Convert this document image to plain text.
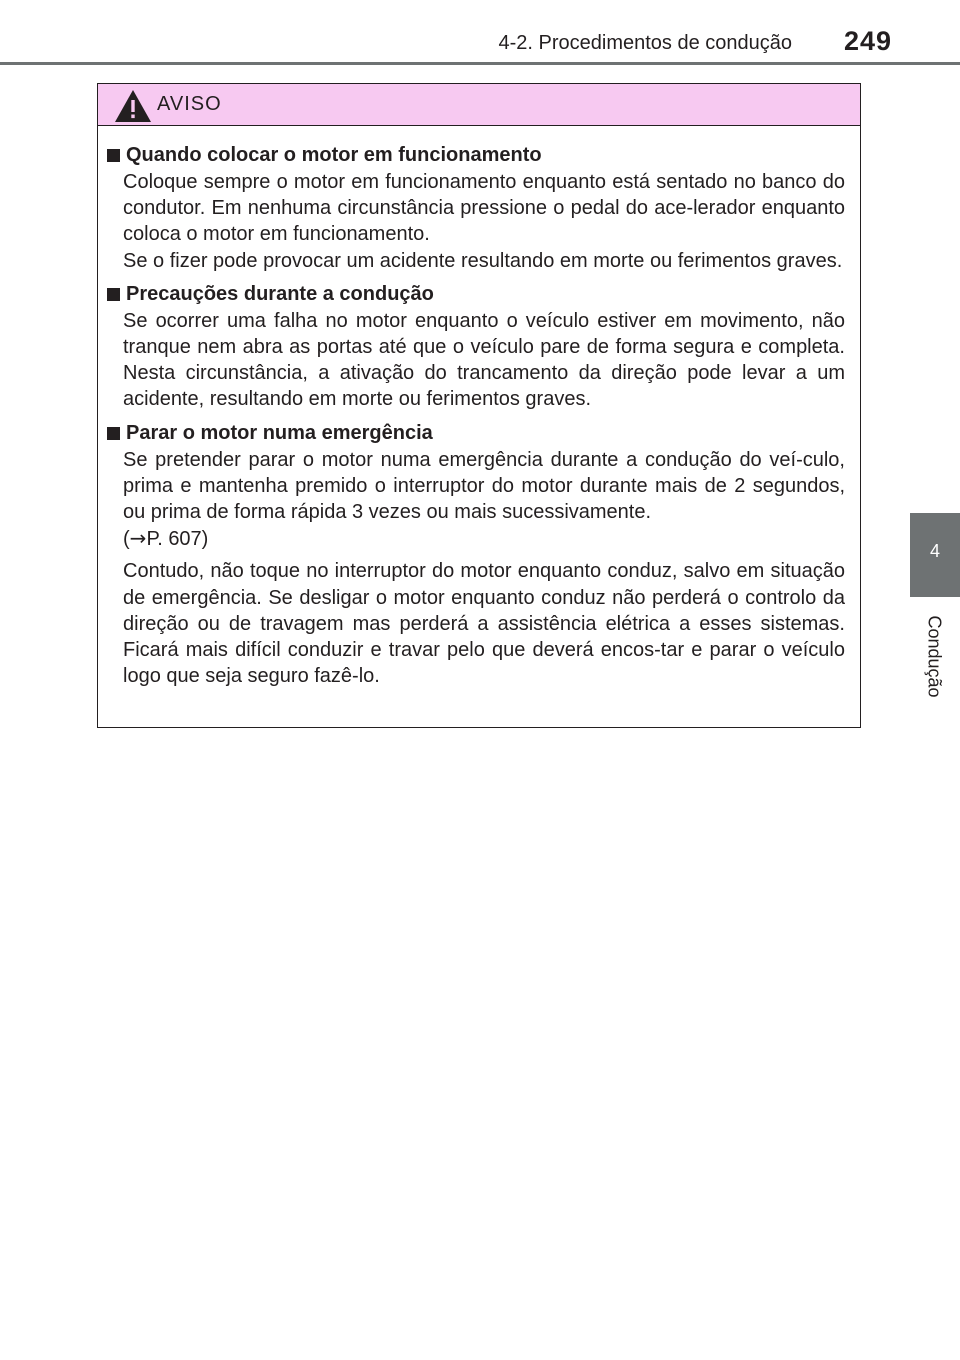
4-2. Procedimentos de condução 249
4
Condução
AVISO
Quando colocar o motor em funcionamento

Coloque sempre o motor em funcionamento enquanto está sentado no banco do condutor. Em nenhuma circunstância pressione o pedal do ace-lerador enquanto coloca o motor em funcionamento.
Se o fizer pode provocar um acidente resultando em morte ou ferimentos graves.

Precauções durante a condução

Se ocorrer uma falha no motor enquanto o veículo estiver em movimento, não tranque nem abra as portas até que o veículo pare de forma segura e completa. Nesta circunstância, a ativação do trancamento da direção pode levar a um acidente, resultando em morte ou ferimentos graves.

Parar o motor numa emergência

Se pretender parar o motor numa emergência durante a condução do veí-culo, prima e mantenha premido o interruptor do motor durante mais de 2 segundos, ou prima de forma rápida 3 vezes ou mais sucessivamente.
(→P. 607)

Contudo, não toque no interruptor do motor enquanto conduz, salvo em situação de emergência. Se desligar o motor enquanto conduz não perderá o controlo da direção ou de travagem mas perderá a assistência elétrica a esses sistemas. Ficará mais difícil conduzir e travar pelo que deverá encos-tar e parar o veículo logo que seja seguro fazê-lo.
